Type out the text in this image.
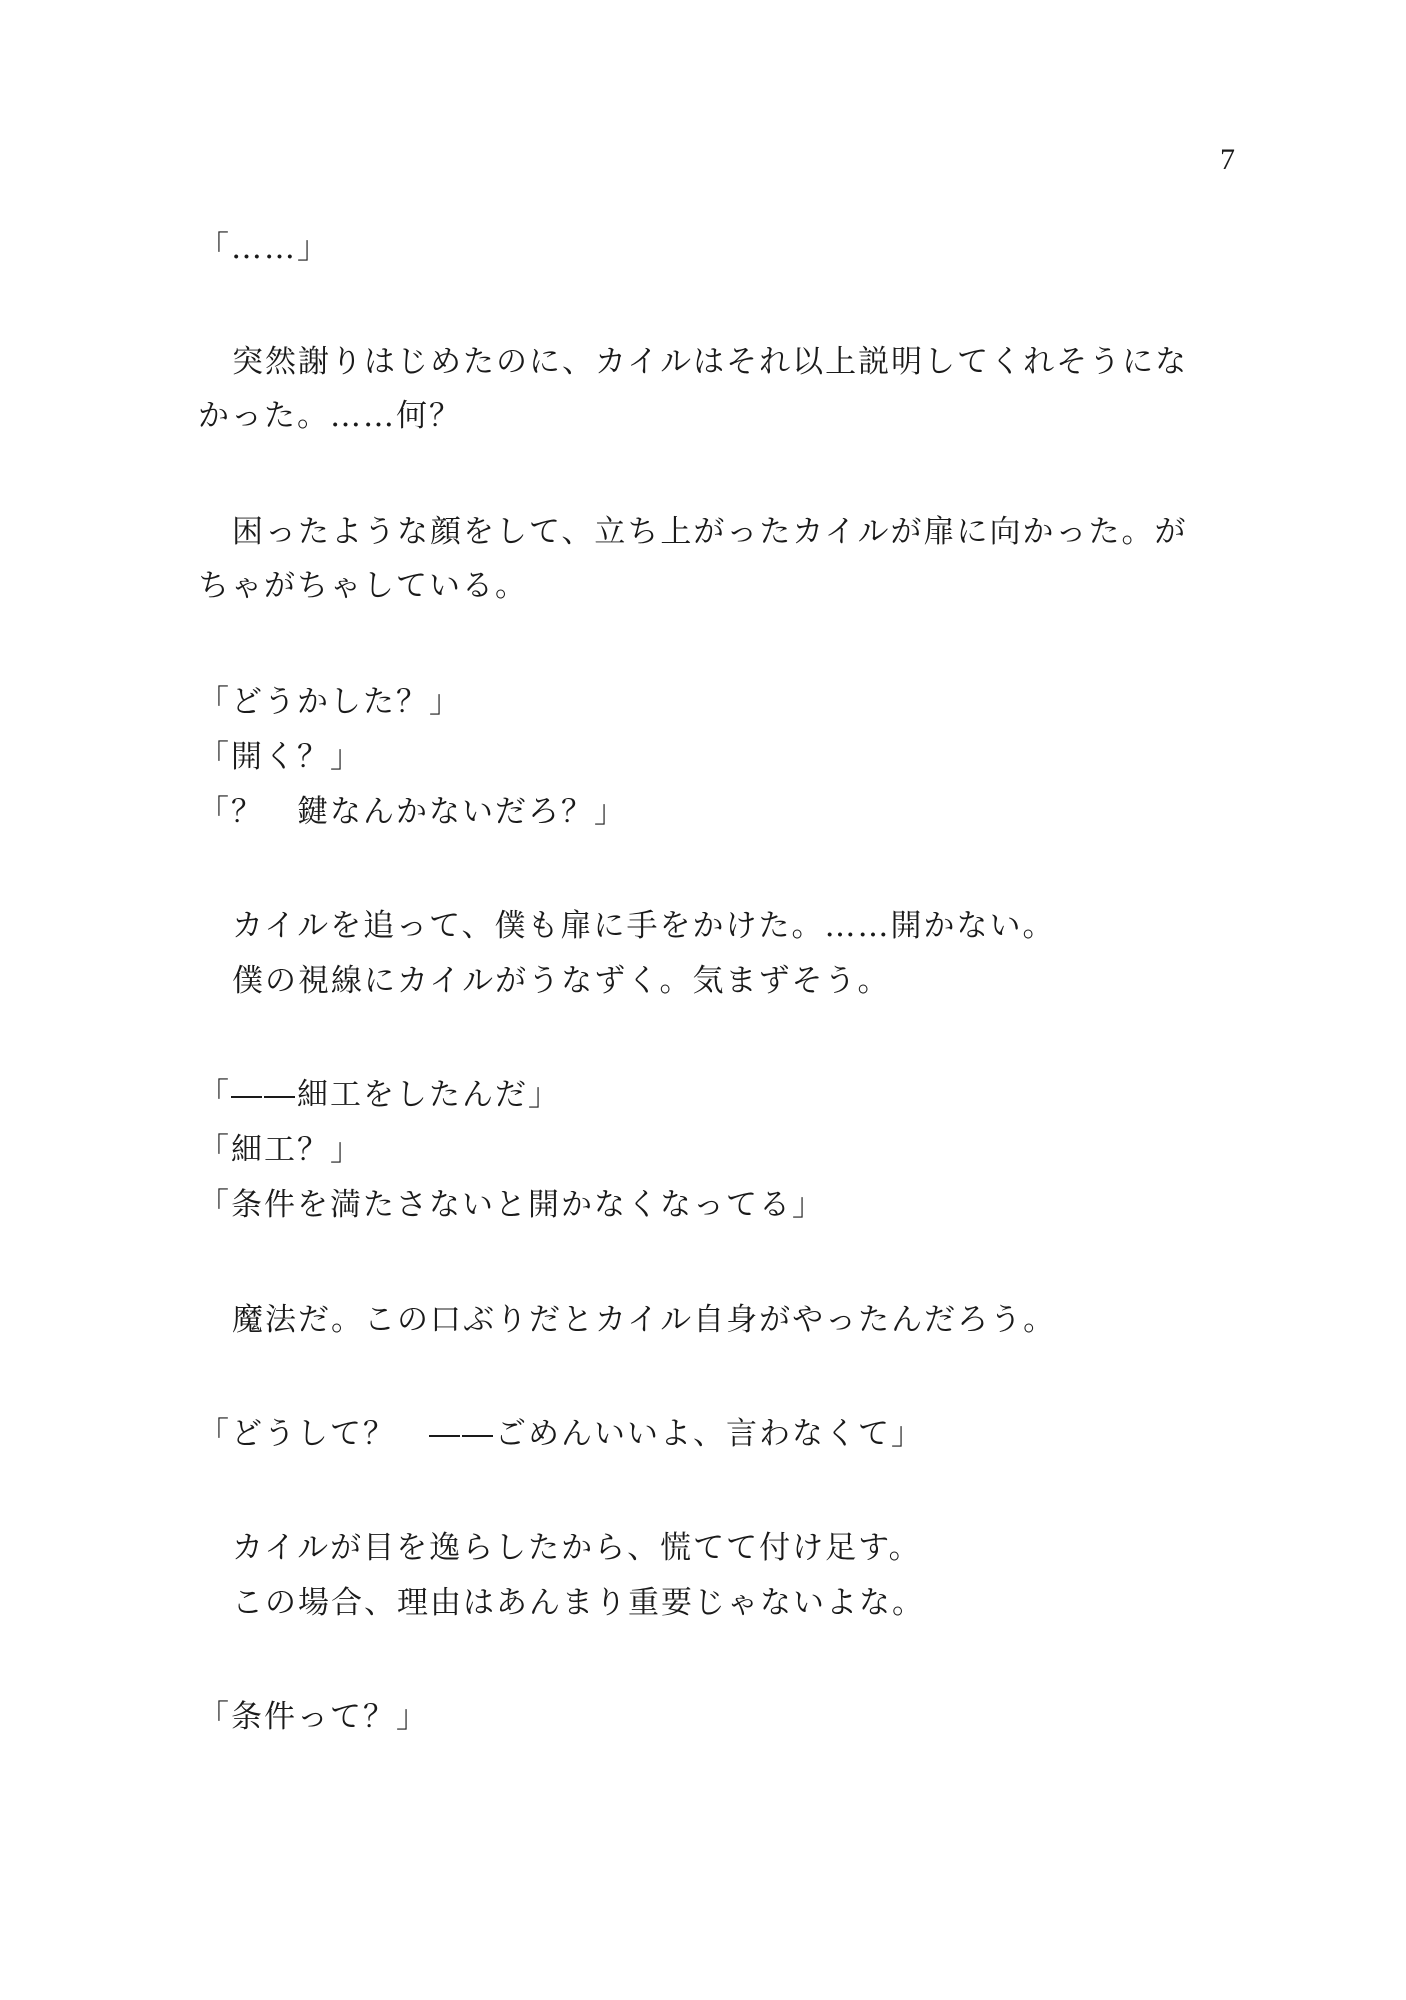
7
「……」
突然謝りはじめたのに、カイルはそれ以上説明してくれそうにな
かった。……何？
困ったような顔をして、立ち上がったカイルが扉に向かった。が
ちゃがちゃしている。
「どうかした？」
「開く？」
「？　鍵なんかないだろ？」
カイルを追って、僕も扉に手をかけた。……開かない。
僕の視線にカイルがうなずく。気まずそう。
「――細工をしたんだ」
「細工？」
「条件を満たさないと開かなくなってる」
魔法だ。この口ぶりだとカイル自身がやったんだろう。
「どうして？　――ごめんいいよ、言わなくて」
カイルが目を逸らしたから、慌てて付け足す。
この場合、理由はあんまり重要じゃないよな。
「条件って？」
